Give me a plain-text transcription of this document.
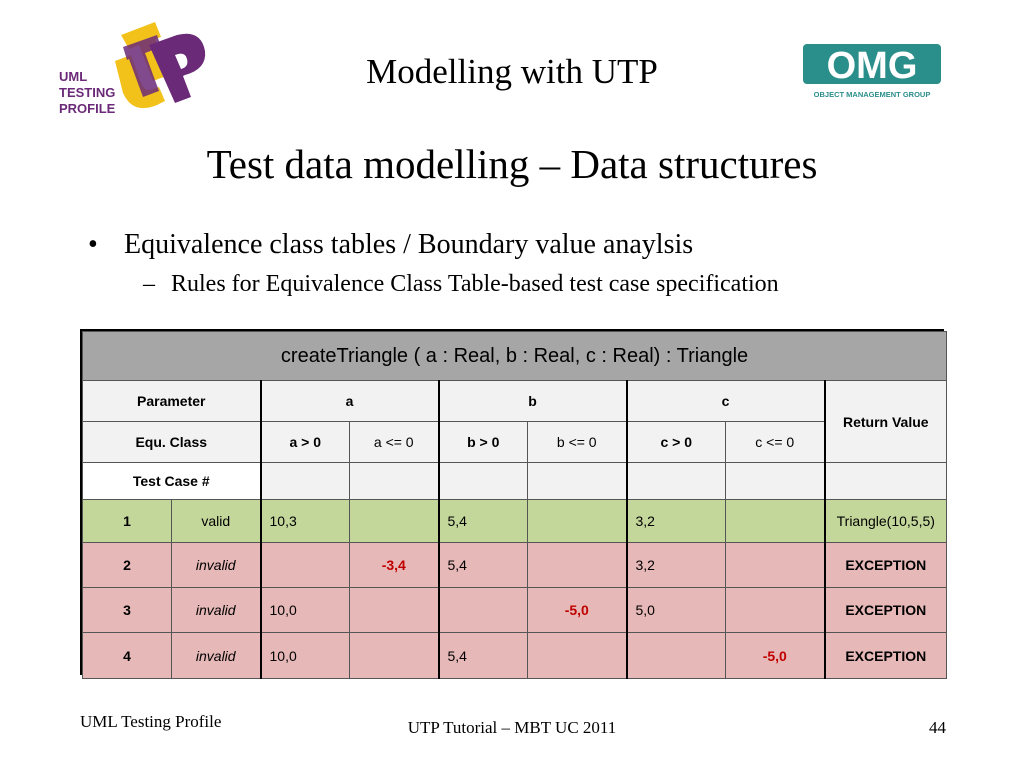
UML
TESTING
PROFILE
Modelling with UTP	OMG
OBJECT MANAGEMENT GROUP
Test data modelling – Data structures
• Equivalence class tables / Boundary value anaylsis
– Rules for Equivalence Class Table-based test case specification
createTriangle ( a : Real, b : Real, c : Real) : Triangle								
Parameter		a		b		c		Return Value
Equ. Class		a > 0	a <= 0	b > 0	b <= 0	c > 0	c <= 0	
Test Case #								
1	valid	10,3		5,4		3,2		Triangle(10,5,5)
2	invalid		-3,4	5,4		3,2		EXCEPTION
3	invalid	10,0			-5,0	5,0		EXCEPTION
4	invalid	10,0		5,4			-5,0	EXCEPTION
UML Testing Profile	UTP Tutorial – MBT UC 2011	44
